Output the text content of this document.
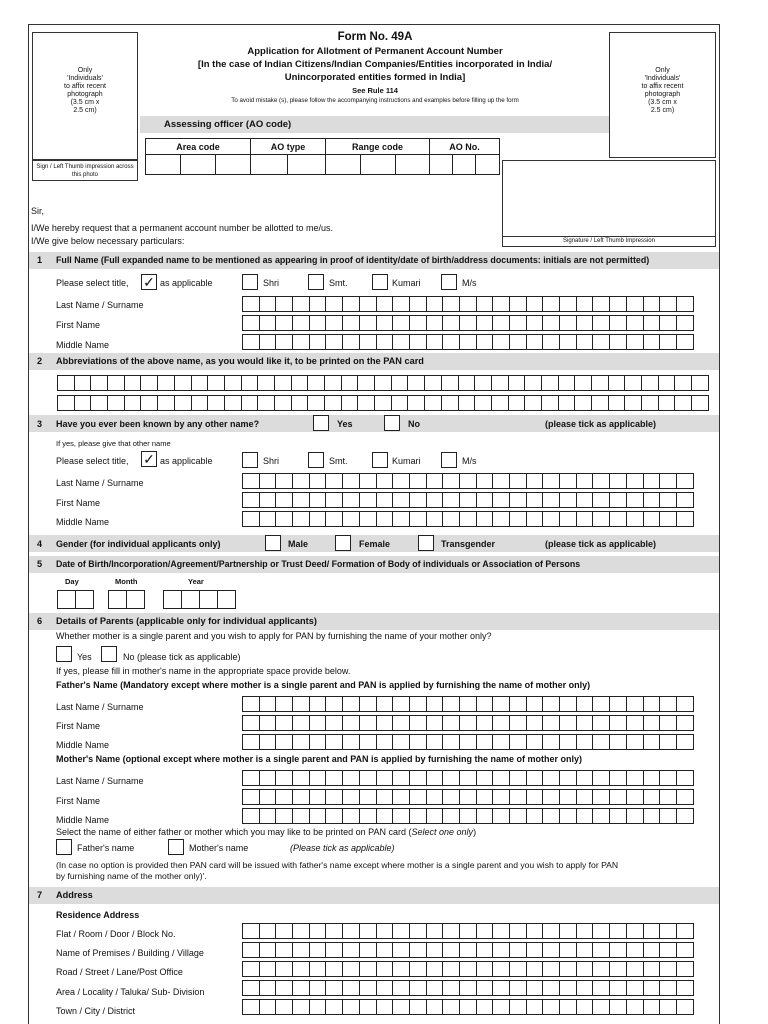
Only
'Individuals'
to affix recent
photograph
(3.5 cm x
2.5 cm)
Sign / Left Thumb impression across this photo
Only
'Individuals'
to affix recent
photograph
(3.5 cm x
2.5 cm)
Form No. 49A
Application for Allotment of Permanent Account Number
[In the case of Indian Citizens/Indian Companies/Entities incorporated in India/
Unincorporated entities formed in India]
See Rule 114
To avoid mistake (s), please follow the accompanying instructions and examples before filling up the form
Assessing officer (AO code)
Area code			AO type		Range code			AO No.		

Signature / Left Thumb Impression
Sir,
I/We hereby request that a permanent account number be allotted to me/us.
I/We give below necessary particulars:
1 Full Name (Full expanded name to be mentioned as appearing in proof of identity/date of birth/address documents: initials are not permitted)
Please select title, ✓ as applicable	Shri	Smt.	Kumari	M/s
Last Name / Surname
First Name
Middle Name
2 Abbreviations of the above name, as you would like it, to be printed on the PAN card
3 Have you ever been known by any other name?	Yes	No	(please tick as applicable)
If yes, please give that other name
Please select title, ✓ as applicable	Shri	Smt.	Kumari	M/s
Last Name / Surname
First Name
Middle Name
4 Gender (for individual applicants only)	Male	Female	Transgender	(please tick as applicable)
5 Date of Birth/Incorporation/Agreement/Partnership or Trust Deed/ Formation of Body of individuals or Association of Persons
Day	Month	Year
6 Details of Parents (applicable only for individual applicants)
Whether mother is a single parent and you wish to apply for PAN by furnishing the name of your mother only?
Yes	No (please tick as applicable)
If yes, please fill in mother's name in the appropriate space provide below.
Father's Name (Mandatory except where mother is a single parent and PAN is applied by furnishing the name of mother only)
Last Name / Surname
First Name
Middle Name
Mother's Name (optional except where mother is a single parent and PAN is applied by furnishing the name of mother only)
Last Name / Surname
First Name
Middle Name
Select the name of either father or mother which you may like to be printed on PAN card (Select one only)
Father's name	Mother's name	(Please tick as applicable)
(In case no option is provided then PAN card will be issued with father's name except where mother is a single parent and you wish to apply for PAN
by furnishing name of the mother only)'.
7 Address
Residence Address
Flat / Room / Door / Block No.
Name of Premises / Building / Village
Road / Street / Lane/Post Office
Area / Locality / Taluka/ Sub- Division
Town / City / District
